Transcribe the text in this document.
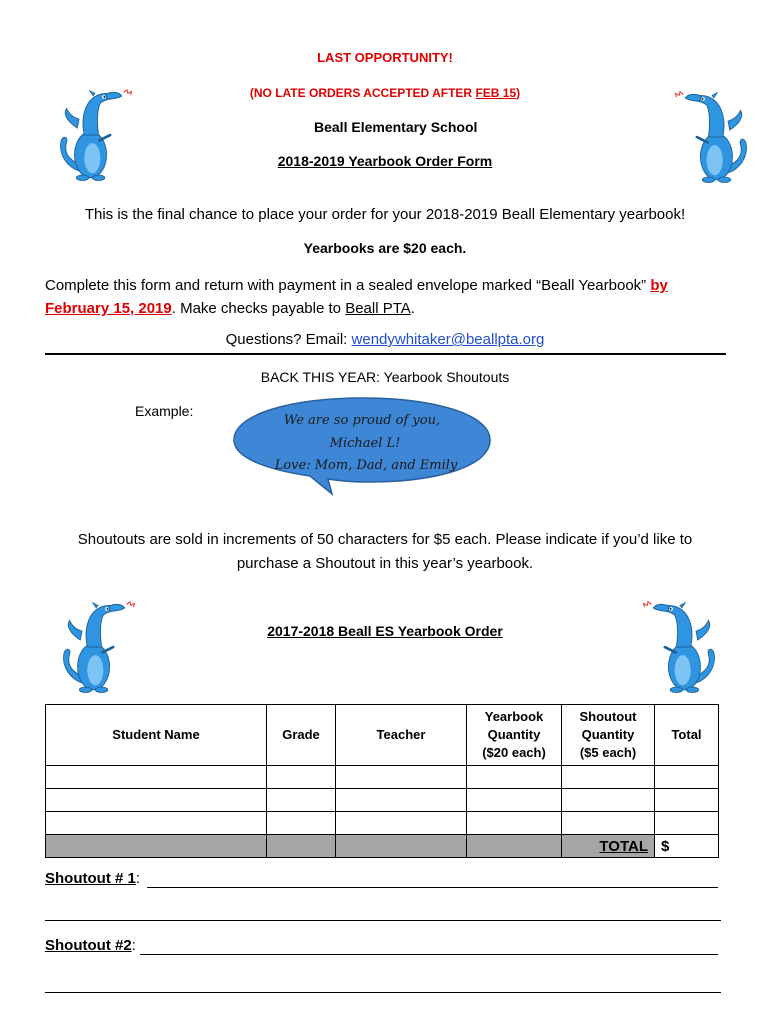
LAST OPPORTUNITY!
(NO LATE ORDERS ACCEPTED AFTER FEB 15)
Beall Elementary School
2018-2019 Yearbook Order Form
This is the final chance to place your order for your 2018-2019 Beall Elementary yearbook!
Yearbooks are $20 each.
Complete this form and return with payment in a sealed envelope marked “Beall Yearbook” by February 15, 2019. Make checks payable to Beall PTA.
Questions? Email: wendywhitaker@beallpta.org
BACK THIS YEAR: Yearbook Shoutouts
Example:
We are so proud of you,
Michael L!
Love: Mom, Dad, and Emily
Shoutouts are sold in increments of 50 characters for $5 each. Please indicate if you’d like to
purchase a Shoutout in this year’s yearbook.
2017-2018 Beall ES Yearbook Order
Student Name	Grade	Teacher	Yearbook
Quantity
($20 each)	Shoutout
Quantity
($5 each)	Total

				TOTAL	$
Shoutout # 1:
Shoutout #2:
